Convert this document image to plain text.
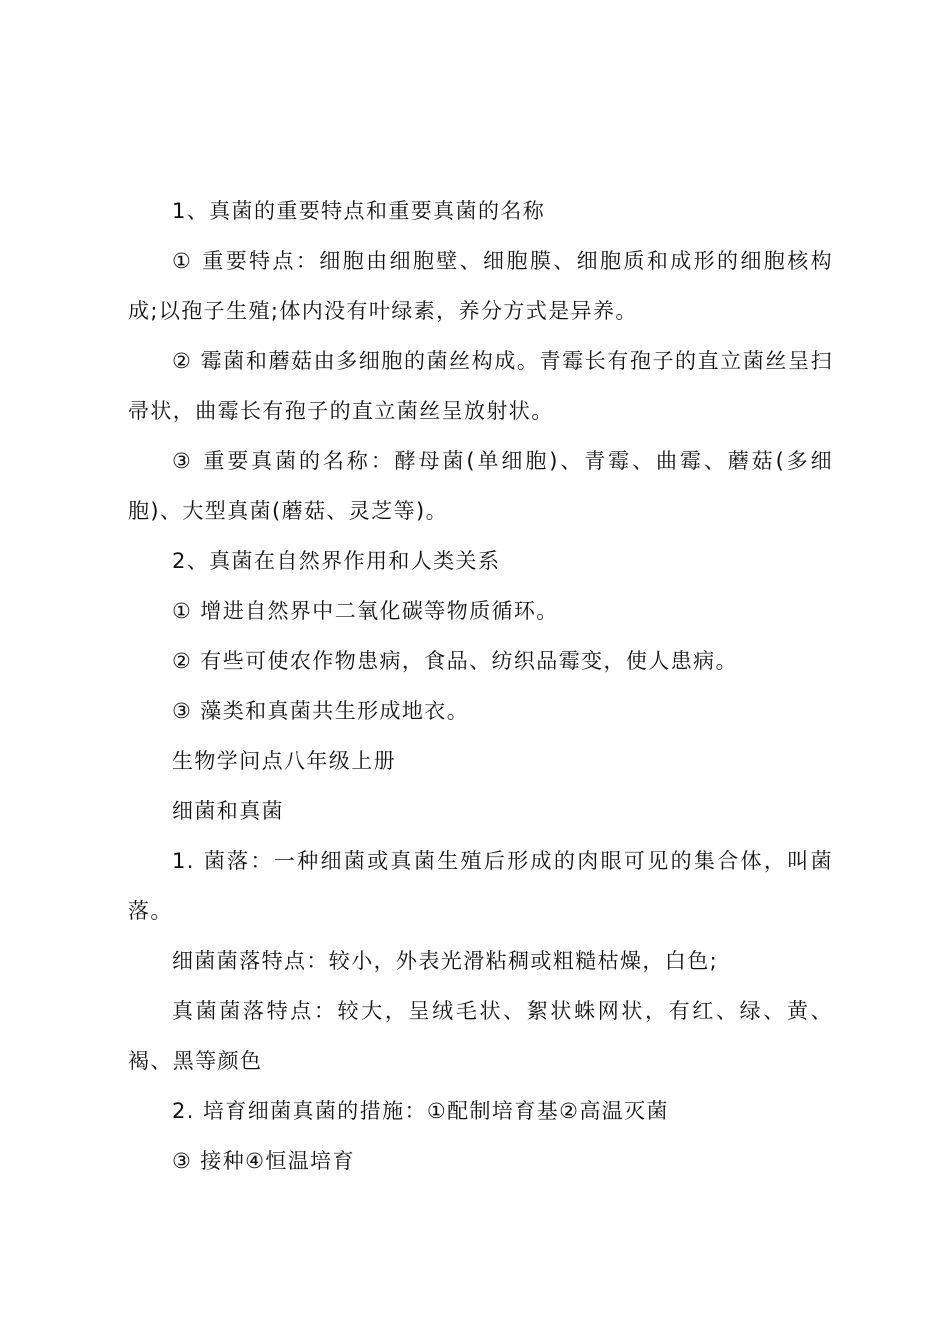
1、真菌的重要特点和重要真菌的名称

① 重要特点：细胞由细胞壁、细胞膜、细胞质和成形的细胞核构成;以孢子生殖;体内没有叶绿素，养分方式是异养。

② 霉菌和蘑菇由多细胞的菌丝构成。青霉长有孢子的直立菌丝呈扫帚状，曲霉长有孢子的直立菌丝呈放射状。

③ 重要真菌的名称：酵母菌(单细胞)、青霉、曲霉、蘑菇(多细胞)、大型真菌(蘑菇、灵芝等)。

2、真菌在自然界作用和人类关系

① 增进自然界中二氧化碳等物质循环。

② 有些可使农作物患病，食品、纺织品霉变，使人患病。

③ 藻类和真菌共生形成地衣。

生物学问点八年级上册

细菌和真菌

1. 菌落：一种细菌或真菌生殖后形成的肉眼可见的集合体，叫菌落。

细菌菌落特点：较小，外表光滑粘稠或粗糙枯燥，白色;

真菌菌落特点：较大，呈绒毛状、絮状蛛网状，有红、绿、黄、褐、黑等颜色

2. 培育细菌真菌的措施：①配制培育基②高温灭菌

③ 接种④恒温培育
